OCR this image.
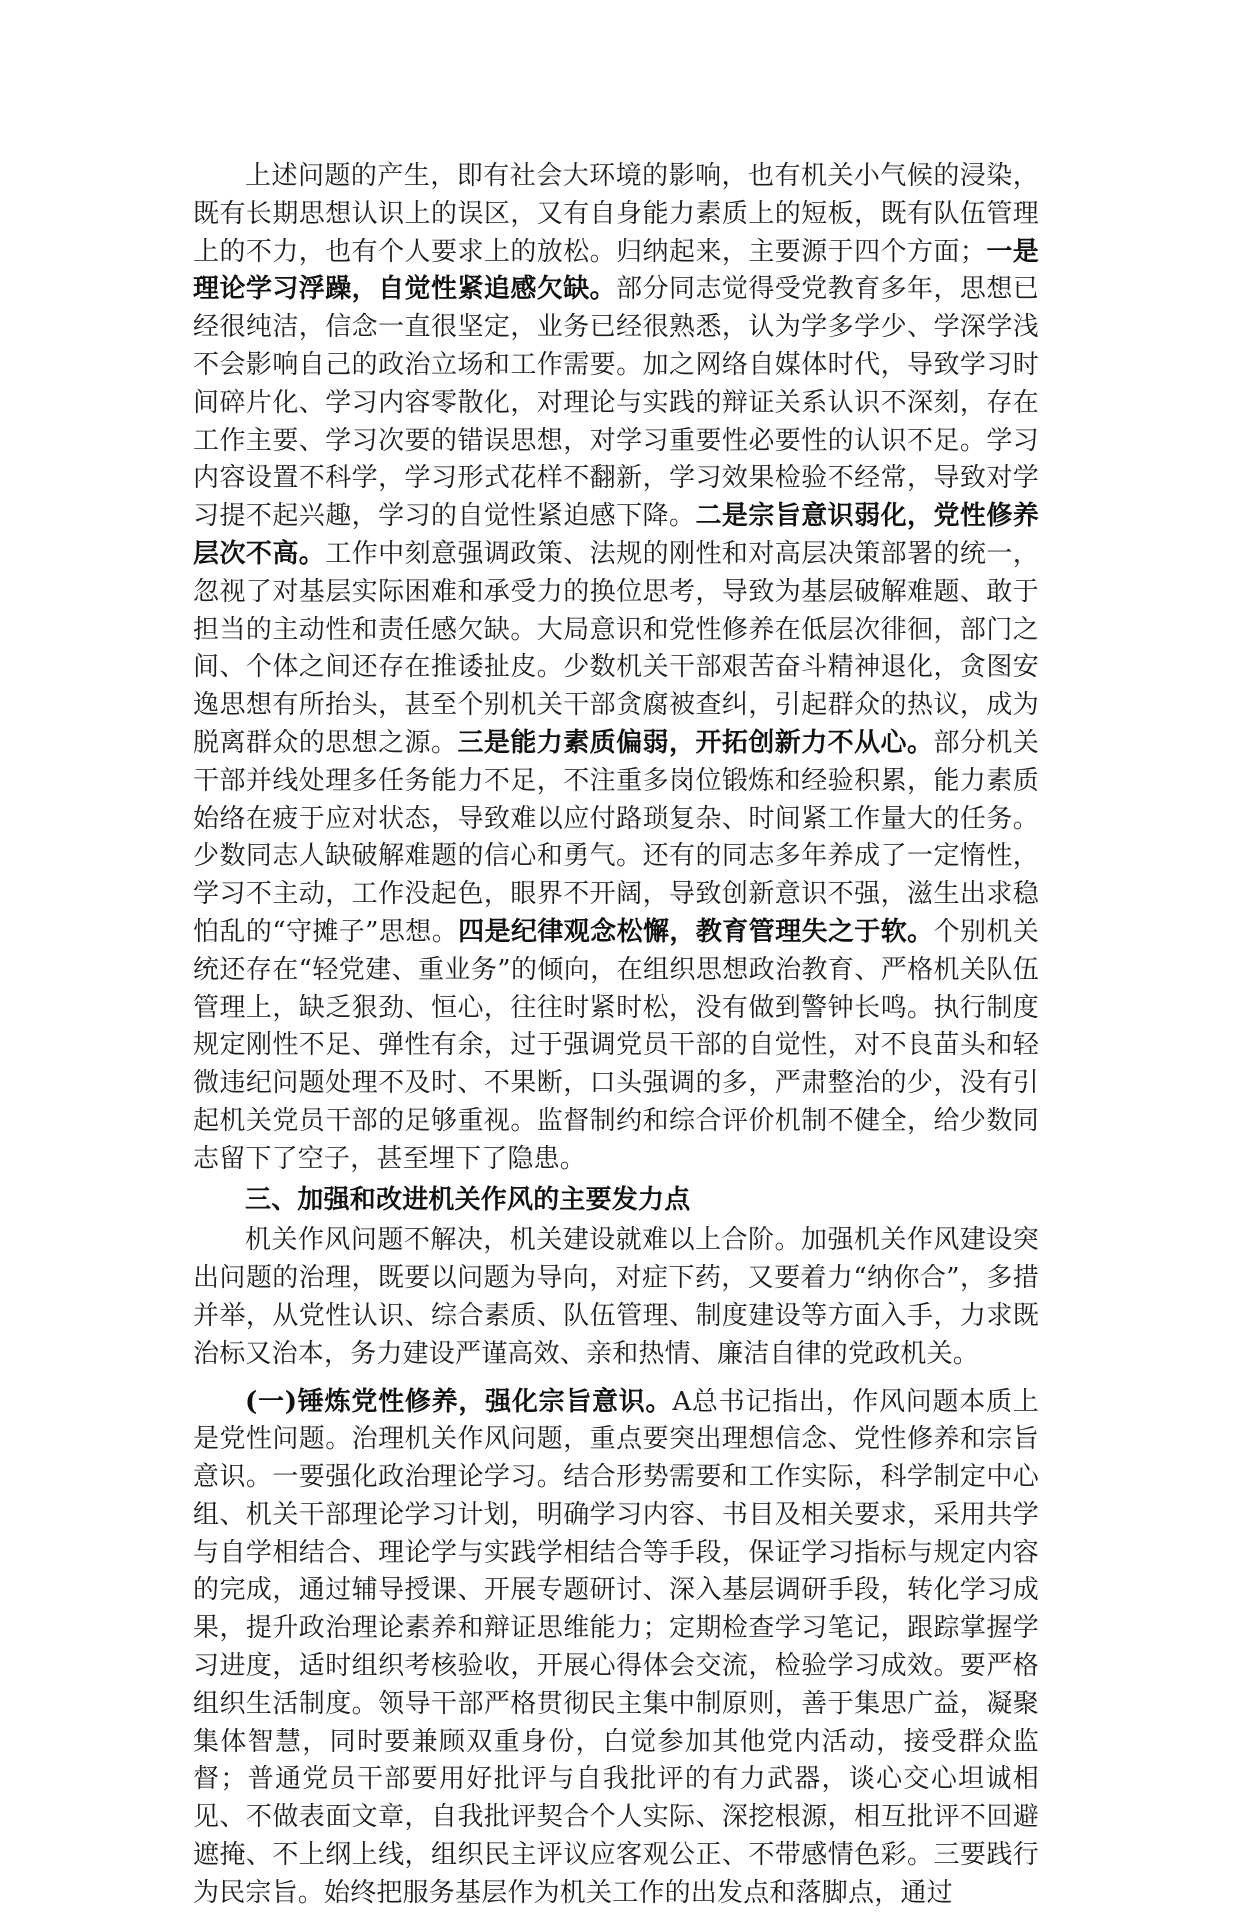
上述问题的产生，即有社会大环境的影响，也有机关小气候的浸染，既有长期思想认识上的误区，又有自身能力素质上的短板，既有队伍管理上的不力，也有个人要求上的放松。归纳起来，主要源于四个方面；一是理论学习浮躁，自觉性紧追感欠缺。部分同志觉得受党教育多年，思想已经很纯洁，信念一直很坚定，业务已经很熟悉，认为学多学少、学深学浅不会影响自己的政治立场和工作需要。加之网络自媒体时代，导致学习时间碎片化、学习内容零散化，对理论与实践的辩证关系认识不深刻，存在工作主要、学习次要的错误思想，对学习重要性必要性的认识不足。学习内容设置不科学，学习形式花样不翻新，学习效果检验不经常，导致对学习提不起兴趣，学习的自觉性紧迫感下降。二是宗旨意识弱化，党性修养层次不高。工作中刻意强调政策、法规的刚性和对高层决策部署的统一，忽视了对基层实际困难和承受力的换位思考，导致为基层破解难题、敢于担当的主动性和责任感欠缺。大局意识和党性修养在低层次徘徊，部门之间、个体之间还存在推诿扯皮。少数机关干部艰苦奋斗精神退化，贪图安逸思想有所抬头，甚至个别机关干部贪腐被查纠，引起群众的热议，成为脱离群众的思想之源。三是能力素质偏弱，开拓创新力不从心。部分机关干部并线处理多任务能力不足，不注重多岗位锻炼和经验积累，能力素质始络在疲于应对状态，导致难以应付路琐复杂、时间紧工作量大的任务。少数同志人缺破解难题的信心和勇气。还有的同志多年养成了一定惰性，学习不主动，工作没起色，眼界不开阔，导致创新意识不强，滋生出求稳怕乱的“守摊子”思想。四是纪律观念松懈，教育管理失之于软。个别机关统还存在“轻党建、重业务”的倾向，在组织思想政治教育、严格机关队伍管理上，缺乏狠劲、恒心，往往时紧时松，没有做到警钟长鸣。执行制度规定刚性不足、弹性有余，过于强调党员干部的自觉性，对不良苗头和轻微违纪问题处理不及时、不果断，口头强调的多，严肃整治的少，没有引起机关党员干部的足够重视。监督制约和综合评价机制不健全，给少数同志留下了空子，甚至埋下了隐患。

三、加强和改进机关作风的主要发力点

机关作风问题不解决，机关建设就难以上合阶。加强机关作风建设突出问题的治理，既要以问题为导向，对症下药，又要着力“纳你合”，多措并举，从党性认识、综合素质、队伍管理、制度建设等方面入手，力求既治标又治本，务力建设严谨高效、亲和热情、廉洁自律的党政机关。

(一)锤炼党性修养，强化宗旨意识。A总书记指出，作风问题本质上是党性问题。治理机关作风问题，重点要突出理想信念、党性修养和宗旨意识。一要强化政治理论学习。结合形势需要和工作实际，科学制定中心组、机关干部理论学习计划，明确学习内容、书目及相关要求，采用共学与自学相结合、理论学与实践学相结合等手段，保证学习指标与规定内容的完成，通过辅导授课、开展专题研讨、深入基层调研手段，转化学习成果，提升政治理论素养和辩证思维能力；定期检查学习笔记，跟踪掌握学习进度，适时组织考核验收，开展心得体会交流，检验学习成效。要严格组织生活制度。领导干部严格贯彻民主集中制原则，善于集思广益，凝聚集体智慧，同时要兼顾双重身份，白觉参加其他党内活动，接受群众监督；普通党员干部要用好批评与自我批评的有力武器，谈心交心坦诚相见、不做表面文章，自我批评契合个人实际、深挖根源，相互批评不回避遮掩、不上纲上线，组织民主评议应客观公正、不带感情色彩。三要践行为民宗旨。始终把服务基层作为机关工作的出发点和落脚点，通过
